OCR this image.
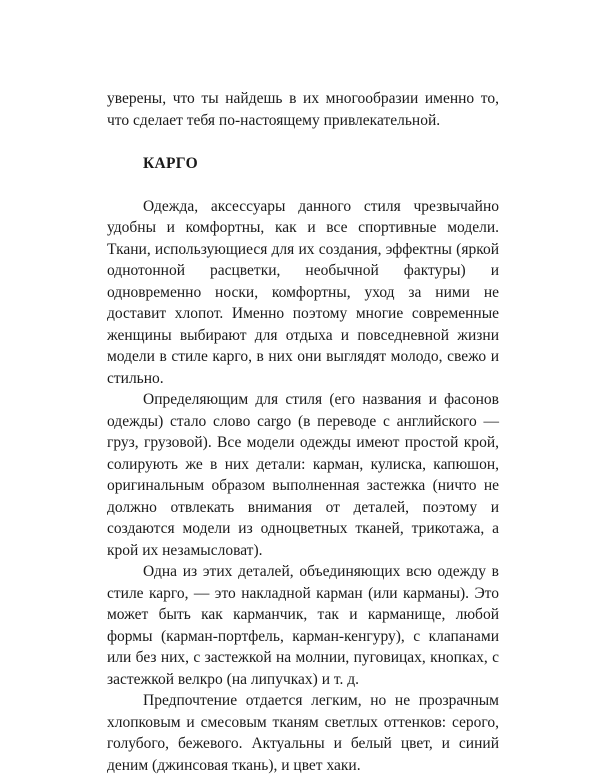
уверены, что ты найдешь в их многообразии именно то,
что сделает тебя по-настоящему привлекательной.
КАРГО
Одежда, аксессуары данного стиля чрезвычайно
удобны и комфортны, как и все спортивные модели.
Ткани, использующиеся для их создания, эффектны (яркой
однотонной расцветки, необычной фактуры) и
одновременно носки, комфортны, уход за ними не
доставит хлопот. Именно поэтому многие современные
женщины выбирают для отдыха и повседневной жизни
модели в стиле карго, в них они выглядят молодо, свежо и
стильно.
Определяющим для стиля (его названия и фасонов
одежды) стало слово cargo (в переводе с английского —
груз, грузовой). Все модели одежды имеют простой крой,
солирують же в них детали: карман, кулиска, капюшон,
оригинальным образом выполненная застежка (ничто не
должно отвлекать внимания от деталей, поэтому и
создаются модели из одноцветных тканей, трикотажа, а
крой их незамысловат).
Одна из этих деталей, объединяющих всю одежду в
стиле карго, — это накладной карман (или карманы). Это
может быть как карманчик, так и карманище, любой
формы (карман-портфель, карман-кенгуру), с клапанами
или без них, с застежкой на молнии, пуговицах, кнопках, с
застежкой велкро (на липучках) и т. д.
Предпочтение отдается легким, но не прозрачным
хлопковым и смесовым тканям светлых оттенков: серого,
голубого, бежевого. Актуальны и белый цвет, и синий
деним (джинсовая ткань), и цвет хаки.
